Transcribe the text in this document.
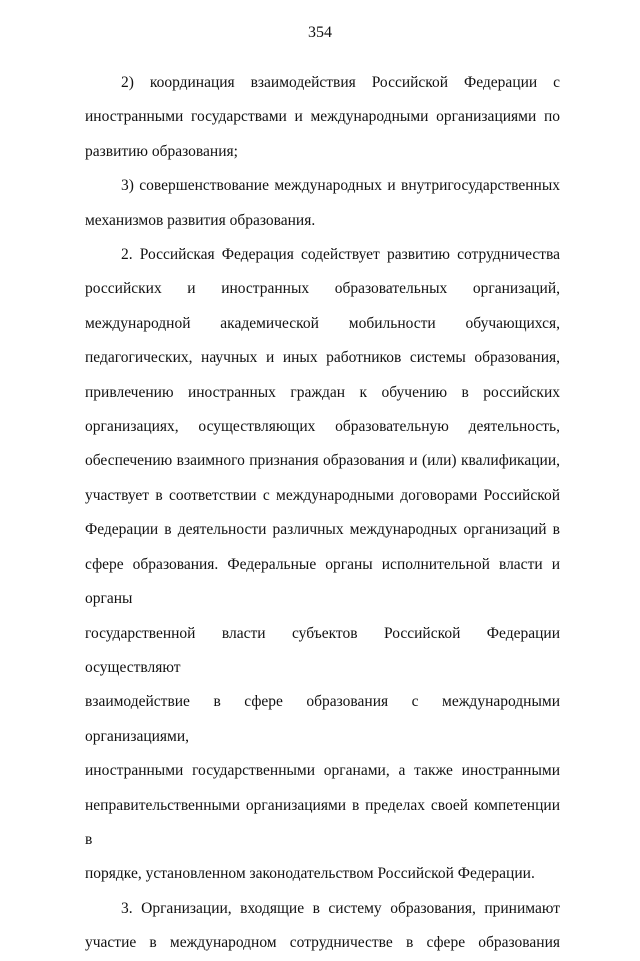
354

2) координация взаимодействия Российской Федерации с
иностранными государствами и международными организациями по
развитию образования;

3) совершенствование международных и внутригосударственных
механизмов развития образования.

2. Российская Федерация содействует развитию сотрудничества
российских и иностранных образовательных организаций,
международной академической мобильности обучающихся,
педагогических, научных и иных работников системы образования,
привлечению иностранных граждан к обучению в российских
организациях, осуществляющих образовательную деятельность,
обеспечению взаимного признания образования и (или) квалификации,
участвует в соответствии с международными договорами Российской
Федерации в деятельности различных международных организаций в
сфере образования. Федеральные органы исполнительной власти и органы
государственной власти субъектов Российской Федерации осуществляют
взаимодействие в сфере образования с международными организациями,
иностранными государственными органами, а также иностранными
неправительственными организациями в пределах своей компетенции в
порядке, установленном законодательством Российской Федерации.

3. Организации, входящие в систему образования, принимают
участие в международном сотрудничестве в сфере образования
